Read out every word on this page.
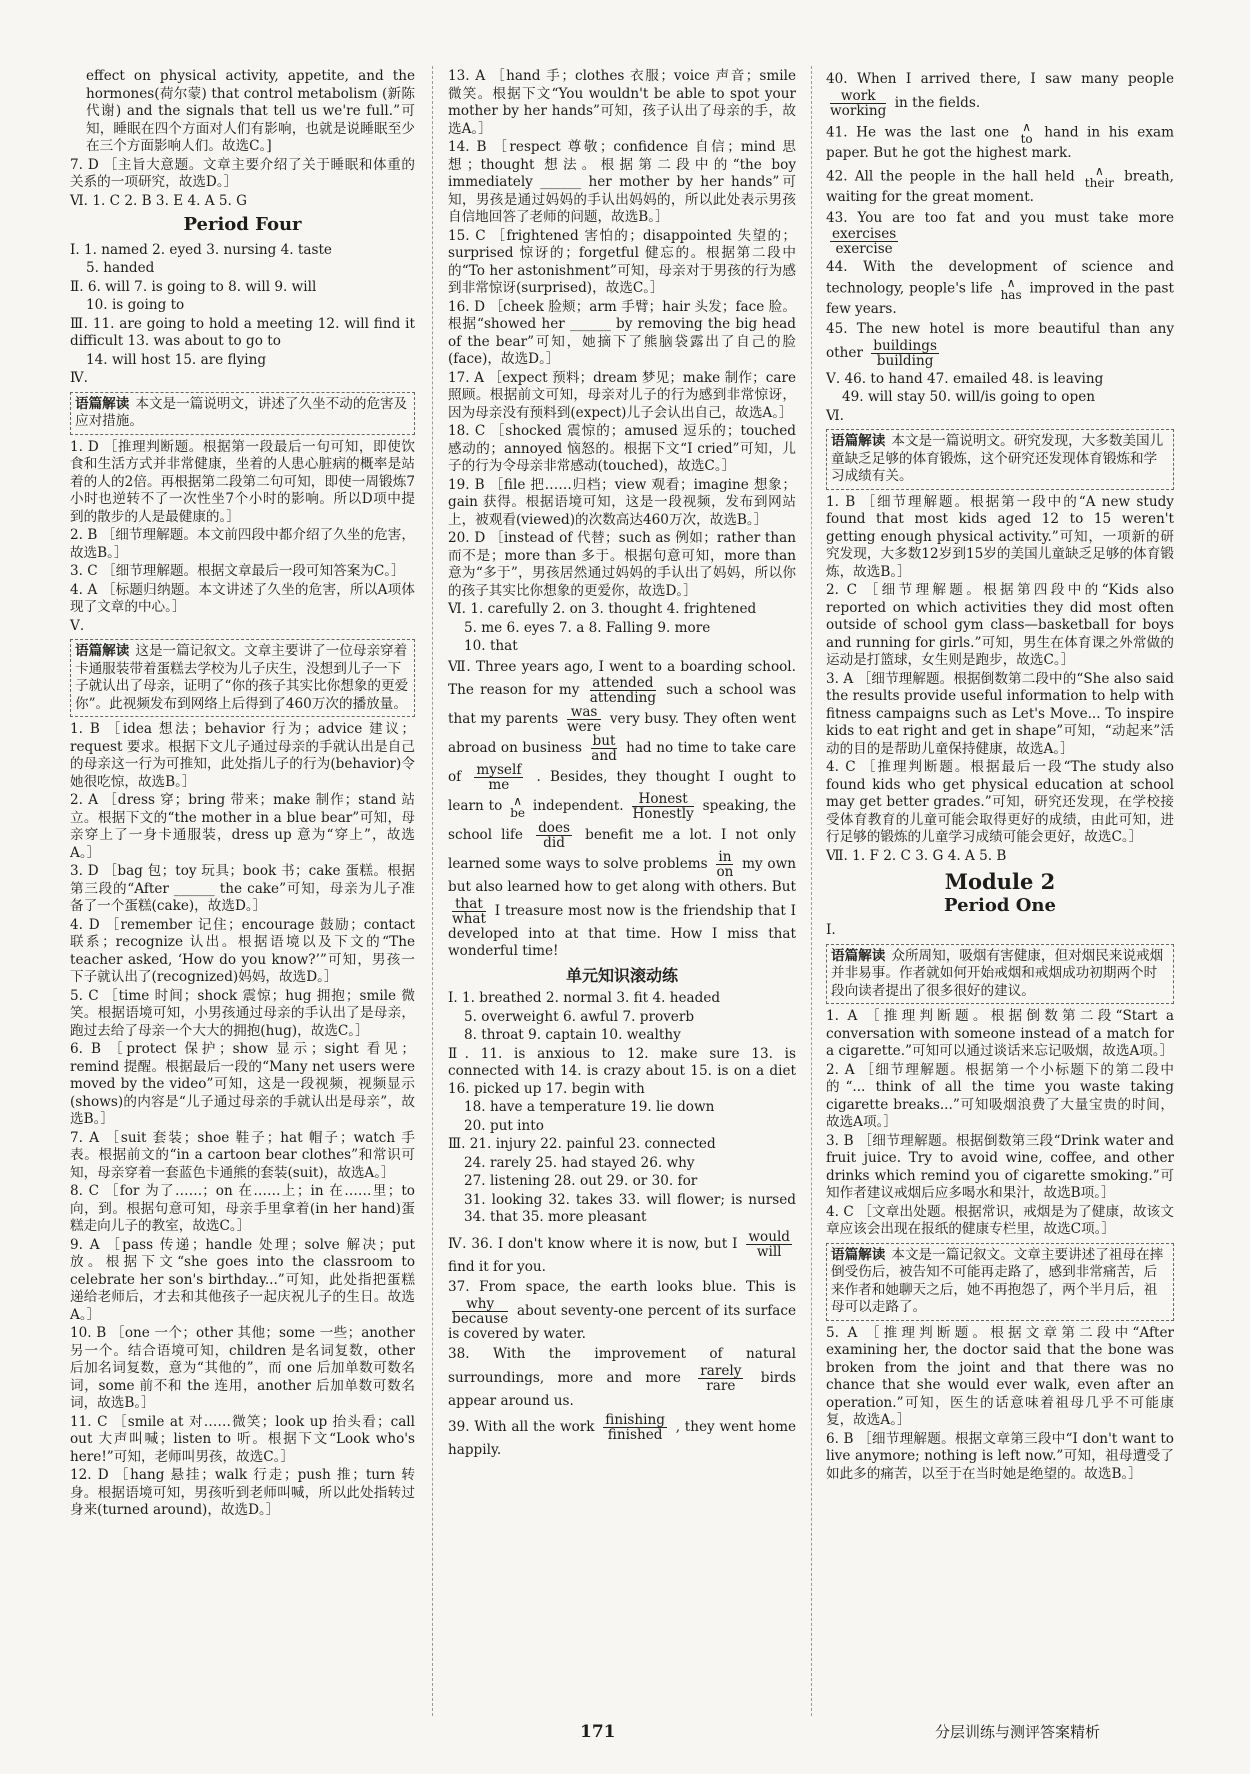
effect on physical activity, appetite, and the hormones(荷尔蒙) that control metabolism (新陈代谢) and the signals that tell us we're full.”可知，睡眠在四个方面对人们有影响，也就是说睡眠至少在三个方面影响人们。故选C。]

7. D ［主旨大意题。文章主要介绍了关于睡眠和体重的关系的一项研究，故选D。］

Ⅵ. 1. C 2. B 3. E 4. A 5. G

Period Four

Ⅰ. 1. named 2. eyed 3. nursing 4. taste

5. handed

Ⅱ. 6. will 7. is going to 8. will 9. will

10. is going to

Ⅲ. 11. are going to hold a meeting 12. will find it difficult 13. was about to go to

14. will host 15. are flying

Ⅳ.

语篇解读 本文是一篇说明文，讲述了久坐不动的危害及应对措施。

1. D ［推理判断题。根据第一段最后一句可知，即使饮食和生活方式并非常健康，坐着的人患心脏病的概率是站着的人的2倍。再根据第二段第二句可知，即使一周锻炼7小时也逆转不了一次性坐7个小时的影响。所以D项中提到的散步的人是最健康的。］

2. B ［细节理解题。本文前四段中都介绍了久坐的危害，故选B。］

3. C ［细节理解题。根据文章最后一段可知答案为C。］

4. A ［标题归纳题。本文讲述了久坐的危害，所以A项体现了文章的中心。］

Ⅴ.

语篇解读 这是一篇记叙文。文章主要讲了一位母亲穿着卡通服装带着蛋糕去学校为儿子庆生，没想到儿子一下子就认出了母亲，证明了“你的孩子其实比你想象的更爱你”。此视频发布到网络上后得到了460万次的播放量。

1. B ［idea 想法；behavior 行为；advice 建议；request 要求。根据下文儿子通过母亲的手就认出是自己的母亲这一行为可推知，此处指儿子的行为(behavior)令她很吃惊，故选B。］

2. A ［dress 穿；bring 带来；make 制作；stand 站立。根据下文的“the mother in a blue bear”可知，母亲穿上了一身卡通服装，dress up 意为“穿上”，故选A。］

3. D ［bag 包；toy 玩具；book 书；cake 蛋糕。根据第三段的“After ______ the cake”可知，母亲为儿子准备了一个蛋糕(cake)，故选D。］

4. D ［remember 记住；encourage 鼓励；contact 联系；recognize 认出。根据语境以及下文的“The teacher asked, ‘How do you know?’”可知，男孩一下子就认出了(recognized)妈妈，故选D。］

5. C ［time 时间；shock 震惊；hug 拥抱；smile 微笑。根据语境可知，小男孩通过母亲的手认出了是母亲，跑过去给了母亲一个大大的拥抱(hug)，故选C。］

6. B ［protect 保护；show 显示；sight 看见；remind 提醒。根据最后一段的“Many net users were moved by the video”可知，这是一段视频，视频显示(shows)的内容是“儿子通过母亲的手就认出是母亲”，故选B。］

7. A ［suit 套装；shoe 鞋子；hat 帽子；watch 手表。根据前文的“in a cartoon bear clothes”和常识可知，母亲穿着一套蓝色卡通熊的套装(suit)，故选A。］

8. C ［for 为了……；on 在……上；in 在……里；to 向，到。根据句意可知，母亲手里拿着(in her hand)蛋糕走向儿子的教室，故选C。］

9. A ［pass 传递；handle 处理；solve 解决；put 放。根据下文“she goes into the classroom to celebrate her son's birthday...”可知，此处指把蛋糕递给老师后，才去和其他孩子一起庆祝儿子的生日。故选A。］

10. B ［one 一个；other 其他；some 一些；another 另一个。结合语境可知，children 是名词复数，other 后加名词复数，意为“其他的”，而 one 后加单数可数名词，some 前不和 the 连用，another 后加单数可数名词，故选B。］

11. C ［smile at 对……微笑；look up 抬头看；call out 大声叫喊；listen to 听。根据下文“Look who's here!”可知，老师叫男孩，故选C。］

12. D ［hang 悬挂；walk 行走；push 推；turn 转身。根据语境可知，男孩听到老师叫喊，所以此处指转过身来(turned around)，故选D。］

13. A ［hand 手；clothes 衣服；voice 声音；smile 微笑。根据下文“You wouldn't be able to spot your mother by her hands”可知，孩子认出了母亲的手，故选A。］

14. B ［respect 尊敬；confidence 自信；mind 思想；thought 想法。根据第二段中的“the boy immediately ______ her mother by her hands”可知，男孩是通过妈妈的手认出妈妈的，所以此处表示男孩自信地回答了老师的问题，故选B。］

15. C ［frightened 害怕的；disappointed 失望的；surprised 惊讶的；forgetful 健忘的。根据第二段中的“To her astonishment”可知，母亲对于男孩的行为感到非常惊讶(surprised)，故选C。］

16. D ［cheek 脸颊；arm 手臂；hair 头发；face 脸。根据“showed her ______ by removing the big head of the bear”可知，她摘下了熊脑袋露出了自己的脸(face)，故选D。］

17. A ［expect 预料；dream 梦见；make 制作；care 照顾。根据前文可知，母亲对儿子的行为感到非常惊讶，因为母亲没有预料到(expect)儿子会认出自己，故选A。］

18. C ［shocked 震惊的；amused 逗乐的；touched 感动的；annoyed 恼怒的。根据下文“I cried”可知，儿子的行为令母亲非常感动(touched)，故选C。］

19. B ［file 把……归档；view 观看；imagine 想象；gain 获得。根据语境可知，这是一段视频，发布到网站上，被观看(viewed)的次数高达460万次，故选B。］

20. D ［instead of 代替；such as 例如；rather than 而不是；more than 多于。根据句意可知，more than 意为“多于”，男孩居然通过妈妈的手认出了妈妈，所以你的孩子其实比你想象的更爱你，故选D。］

Ⅵ. 1. carefully 2. on 3. thought 4. frightened

5. me 6. eyes 7. a 8. Falling 9. more

10. that

Ⅶ. Three years ago, I went to a boarding school. The reason for my attended
attending such a school was that my parents was
were very busy. They often went abroad on business but
and had no time to take care of myself
me	. Besides, they thought I ought to learn to ∧
be independent.	Honest
Honestly speaking, the school life does
did	benefit me a lot. I not only learned some ways to solve problems $\frac{in}{on}$ my own but also learned how to get along with others. But
that
what I treasure most now is the friendship that I developed into at that time. How I miss that wonderful time!

单元知识滚动练

Ⅰ. 1. breathed 2. normal 3. fit 4. headed

5. overweight 6. awful 7. proverb

8. throat 9. captain 10. wealthy

Ⅱ. 11. is anxious to 12. make sure 13. is connected with 14. is crazy about 15. is on a diet 16. picked up 17. begin with

18. have a temperature 19. lie down

20. put into

Ⅲ. 21. injury 22. painful 23. connected

24. rarely 25. had stayed 26. why

27. listening 28. out 29. or 30. for

31. looking 32. takes 33. will flower; is nursed 34. that 35. more pleasant

Ⅳ. 36. I don't know where it is now, but I would
will
find it for you.

37. From space, the earth looks blue. This is
why
because about seventy-one percent of its surface is covered by water.

38. With the improvement of natural surroundings, more and more rarely
rare	birds appear around us.

39. With all the work finishing
finished , they went home happily.

40. When I arrived there, I saw many people
work
working in the fields.

41. He was the last one ∧
to hand in his exam paper. But he got the highest mark.

42. All the people in the hall held	∧
their breath, waiting for the great moment.

43. You are too fat and you must take more
exercises
exercise

44. With the development of science and technology, people's life	∧
has improved in the past few years.

45. The new hotel is more beautiful than any other buildings
building

Ⅴ. 46. to hand 47. emailed 48. is leaving

49. will stay 50. will/is going to open

Ⅵ.

语篇解读 本文是一篇说明文。研究发现，大多数美国儿童缺乏足够的体育锻炼，这个研究还发现体育锻炼和学习成绩有关。

1. B ［细节理解题。根据第一段中的“A new study found that most kids aged 12 to 15 weren't getting enough physical activity.”可知，一项新的研究发现，大多数12岁到15岁的美国儿童缺乏足够的体育锻炼，故选B。］

2. C ［细节理解题。根据第四段中的“Kids also reported on which activities they did most often outside of school gym class—basketball for boys and running for girls.”可知，男生在体育课之外常做的运动是打篮球，女生则是跑步，故选C。］

3. A ［细节理解题。根据倒数第二段中的“She also said the results provide useful information to help with fitness campaigns such as Let's Move... To inspire kids to eat right and get in shape”可知，“动起来”活动的目的是帮助儿童保持健康，故选A。］

4. C ［推理判断题。根据最后一段“The study also found kids who get physical education at school may get better grades.”可知，研究还发现，在学校接受体育教育的儿童可能会取得更好的成绩，由此可知，进行足够的锻炼的儿童学习成绩可能会更好，故选C。］

Ⅶ. 1. F 2. C 3. G 4. A 5. B

Module 2
Period One

Ⅰ.

语篇解读 众所周知，吸烟有害健康，但对烟民来说戒烟并非易事。作者就如何开始戒烟和戒烟成功初期两个时段向读者提出了很多很好的建议。

1. A ［推理判断题。根据倒数第二段“Start a conversation with someone instead of a match for a cigarette.”可知可以通过谈话来忘记吸烟，故选A项。］

2. A ［细节理解题。根据第一个小标题下的第二段中的“... think of all the time you waste taking cigarette breaks...”可知吸烟浪费了大量宝贵的时间，故选A项。］

3. B ［细节理解题。根据倒数第三段“Drink water and fruit juice. Try to avoid wine, coffee, and other drinks which remind you of cigarette smoking.”可知作者建议戒烟后应多喝水和果汁，故选B项。］

4. C ［文章出处题。根据常识，戒烟是为了健康，故该文章应该会出现在报纸的健康专栏里，故选C项。］

语篇解读 本文是一篇记叙文。文章主要讲述了祖母在摔倒受伤后，被告知不可能再走路了，感到非常痛苦，后来作者和她聊天之后，她不再抱怨了，两个半月后，祖母可以走路了。

5. A ［推理判断题。根据文章第二段中“After examining her, the doctor said that the bone was broken from the joint and that there was no chance that she would ever walk, even after an operation.”可知，医生的话意味着祖母几乎不可能康复，故选A。］

6. B ［细节理解题。根据文章第三段中“I don't want to live anymore; nothing is left now.”可知，祖母遭受了如此多的痛苦，以至于在当时她是绝望的。故选B。］

171	分层训练与测评答案精析
